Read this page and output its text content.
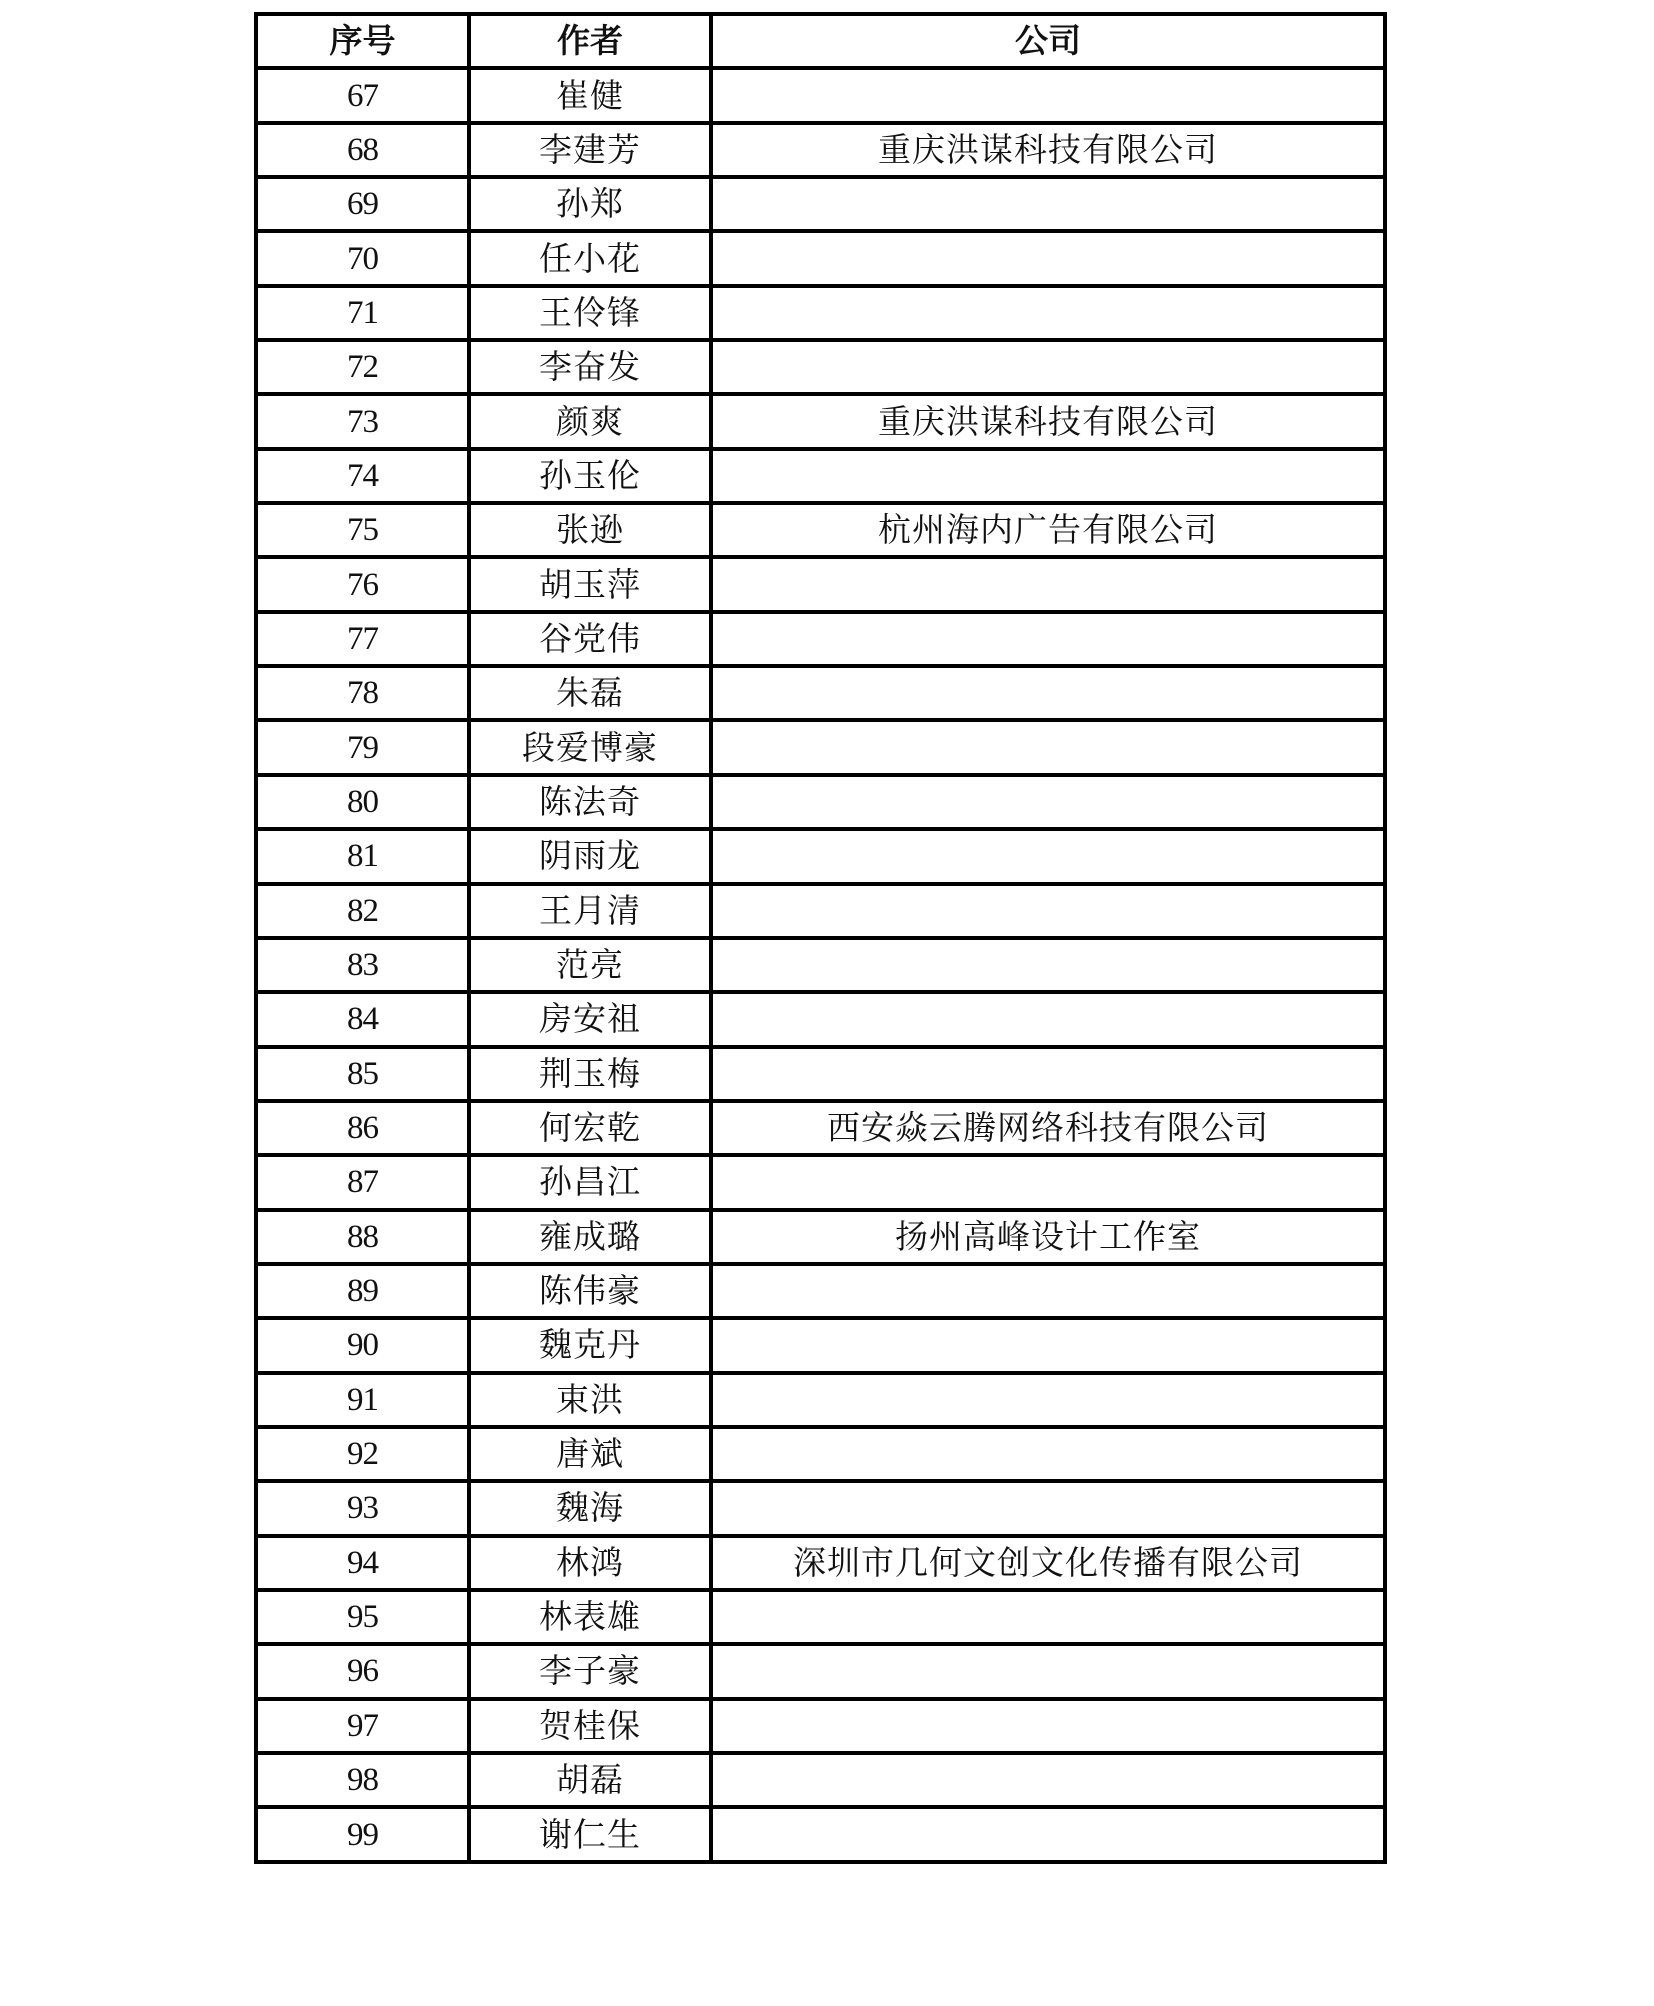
序号	作者	公司
67	崔健	
68	李建芳	重庆洪谋科技有限公司
69	孙郑	
70	任小花	
71	王伶锋	
72	李奋发	
73	颜爽	重庆洪谋科技有限公司
74	孙玉伦	
75	张逊	杭州海内广告有限公司
76	胡玉萍	
77	谷党伟	
78	朱磊	
79	段爱博豪	
80	陈法奇	
81	阴雨龙	
82	王月清	
83	范亮	
84	房安祖	
85	荆玉梅	
86	何宏乾	西安焱云腾网络科技有限公司
87	孙昌江	
88	雍成璐	扬州高峰设计工作室
89	陈伟豪	
90	魏克丹	
91	束洪	
92	唐斌	
93	魏海	
94	林鸿	深圳市几何文创文化传播有限公司
95	林表雄	
96	李子豪	
97	贺桂保	
98	胡磊	
99	谢仁生	
